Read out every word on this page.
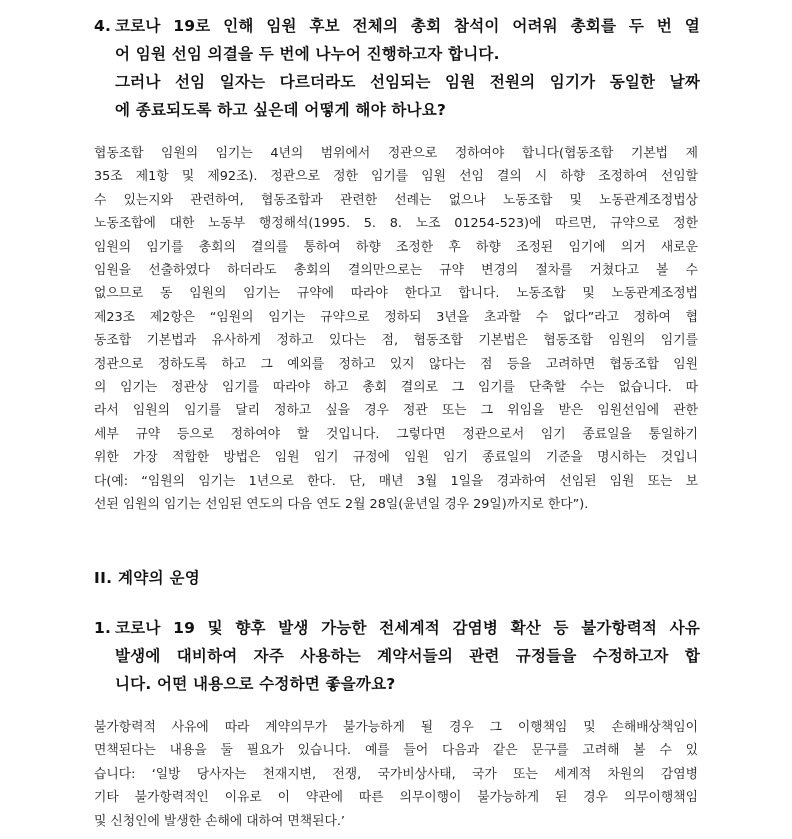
4. 코로나 19로 인해 임원 후보 전체의 총회 참석이 어려워 총회를 두 번 열
어 임원 선임 의결을 두 번에 나누어 진행하고자 합니다.
그러나 선임 일자는 다르더라도 선임되는 임원 전원의 임기가 동일한 날짜
에 종료되도록 하고 싶은데 어떻게 해야 하나요?
협동조합 임원의 임기는 4년의 범위에서 정관으로 정하여야 합니다(협동조합 기본법 제
35조 제1항 및 제92조). 정관으로 정한 임기를 임원 선임 결의 시 하향 조정하여 선임할
수 있는지와 관련하여, 협동조합과 관련한 선례는 없으나 노동조합 및 노동관계조정법상
노동조합에 대한 노동부 행정해석(1995. 5. 8. 노조 01254-523)에 따르면, 규약으로 정한
임원의 임기를 총회의 결의를 통하여 하향 조정한 후 하향 조정된 임기에 의거 새로운
임원을 선출하였다 하더라도 총회의 결의만으로는 규약 변경의 절차를 거쳤다고 볼 수
없으므로 동 임원의 임기는 규약에 따라야 한다고 합니다. 노동조합 및 노동관계조정법
제23조 제2항은 “임원의 임기는 규약으로 정하되 3년을 초과할 수 없다”라고 정하여 협
동조합 기본법과 유사하게 정하고 있다는 점, 협동조합 기본법은 협동조합 임원의 임기를
정관으로 정하도록 하고 그 예외를 정하고 있지 않다는 점 등을 고려하면 협동조합 임원
의 임기는 정관상 임기를 따라야 하고 총회 결의로 그 임기를 단축할 수는 없습니다. 따
라서 임원의 임기를 달리 정하고 싶을 경우 정관 또는 그 위임을 받은 임원선임에 관한
세부 규약 등으로 정하여야 할 것입니다. 그렇다면 정관으로서 임기 종료일을 통일하기
위한 가장 적합한 방법은 임원 임기 규정에 임원 임기 종료일의 기준을 명시하는 것입니
다(예: “임원의 임기는 1년으로 한다. 단, 매년 3월 1일을 경과하여 선임된 임원 또는 보
선된 임원의 임기는 선임된 연도의 다음 연도 2월 28일(윤년일 경우 29일)까지로 한다”).
II. 계약의 운영
1. 코로나 19 및 향후 발생 가능한 전세계적 감염병 확산 등 불가항력적 사유
발생에 대비하여 자주 사용하는 계약서들의 관련 규정들을 수정하고자 합
니다. 어떤 내용으로 수정하면 좋을까요?
불가항력적 사유에 따라 계약의무가 불가능하게 될 경우 그 이행책임 및 손해배상책임이
면책된다는 내용을 둘 필요가 있습니다. 예를 들어 다음과 같은 문구를 고려해 볼 수 있
습니다: ‘일방 당사자는 천재지변, 전쟁, 국가비상사태, 국가 또는 세계적 차원의 감염병
기타 불가항력적인 이유로 이 약관에 따른 의무이행이 불가능하게 된 경우 의무이행책임
및 신청인에 발생한 손해에 대하여 면책된다.’
